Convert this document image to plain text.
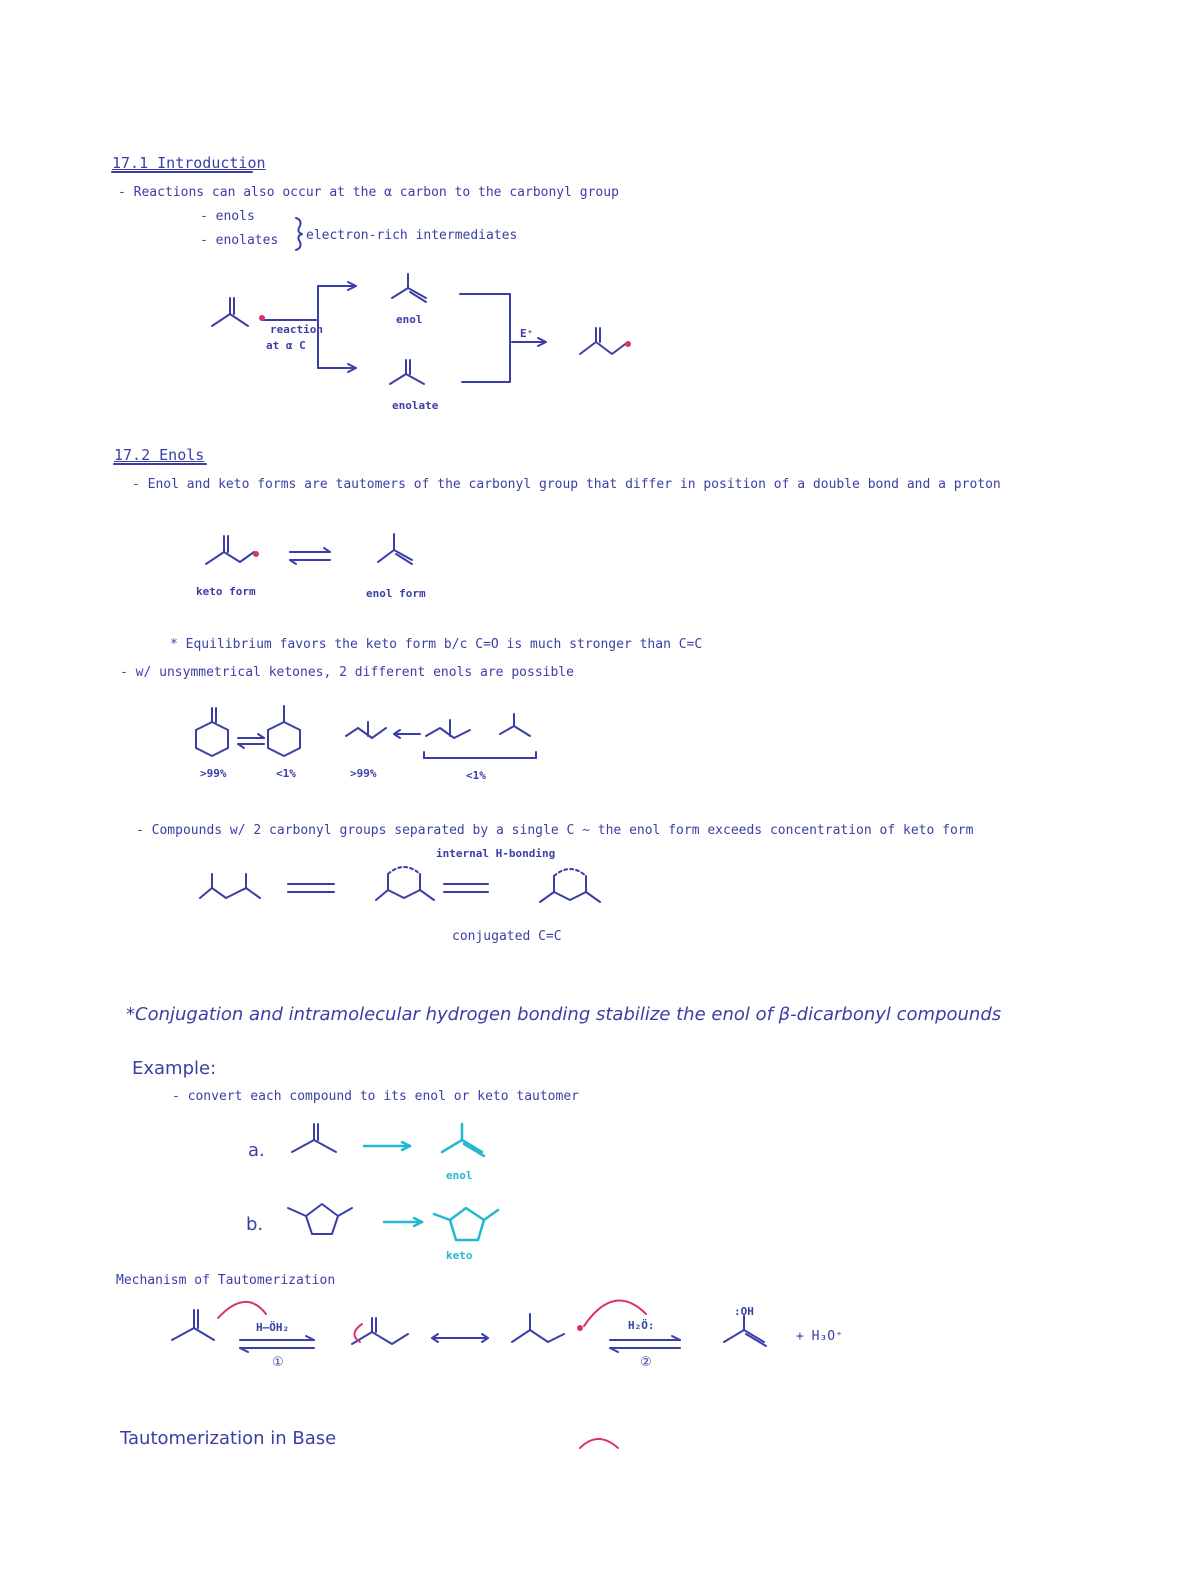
17.1 Introduction
- Reactions can also occur at the α carbon to the carbonyl group
- enols
- enolates electron-rich intermediates
reaction
at α C
enol
enolate
E⁺
17.2 Enols
- Enol and keto forms are tautomers of the carbonyl group that differ in position of a double bond and a proton
keto form	enol form
* Equilibrium favors the keto form b/c C=O is much stronger than C=C
- w/ unsymmetrical ketones, 2 different enols are possible
>99%	<1%	>99%	<1%
- Compounds w/ 2 carbonyl groups separated by a single C ~ the enol form exceeds concentration of keto form
internal H-bonding
conjugated C=C
*Conjugation and intramolecular hydrogen bonding stabilize the enol of β-dicarbonyl compounds
Example:
- convert each compound to its enol or keto tautomer
a.
enol
b.
keto
Mechanism of Tautomerization
H–ÖH₂
①
H₂Ö:
②
:OH
+ H₃O⁺
Tautomerization in Base
